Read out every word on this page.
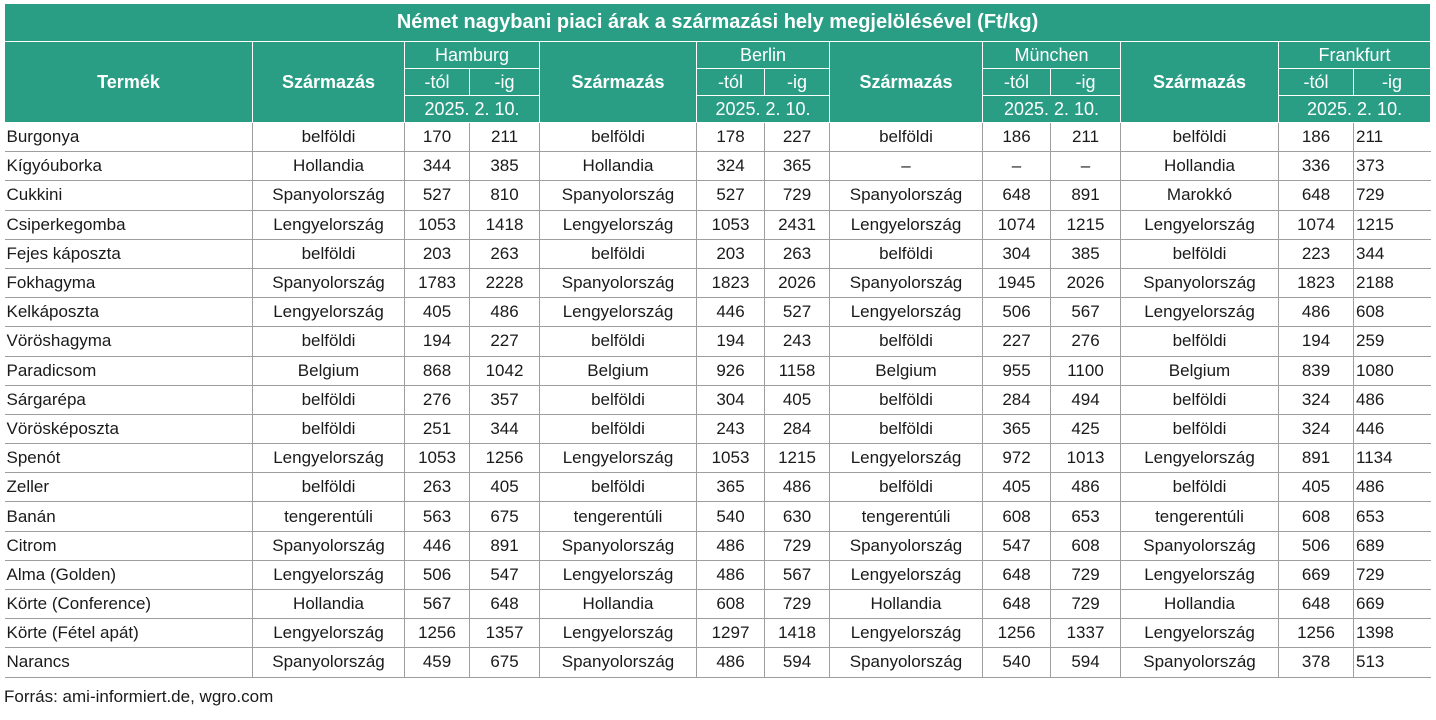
Német nagybani piaci árak a származási hely megjelölésével (Ft/kg)												
Termék	Származás	Hamburg		Származás	Berlin		Származás	München		Származás	Frankfurt	
		-tól	-ig		-tól	-ig		-tól	-ig		-tól	-ig
		2025. 2. 10.			2025. 2. 10.			2025. 2. 10.			2025. 2. 10.	
Burgonya	belföldi	170	211	belföldi	178	227	belföldi	186	211	belföldi	186	211
Kígyóuborka	Hollandia	344	385	Hollandia	324	365	–	–	–	Hollandia	336	373
Cukkini	Spanyolország	527	810	Spanyolország	527	729	Spanyolország	648	891	Marokkó	648	729
Csiperkegomba	Lengyelország	1053	1418	Lengyelország	1053	2431	Lengyelország	1074	1215	Lengyelország	1074	1215
Fejes káposzta	belföldi	203	263	belföldi	203	263	belföldi	304	385	belföldi	223	344
Fokhagyma	Spanyolország	1783	2228	Spanyolország	1823	2026	Spanyolország	1945	2026	Spanyolország	1823	2188
Kelkáposzta	Lengyelország	405	486	Lengyelország	446	527	Lengyelország	506	567	Lengyelország	486	608
Vöröshagyma	belföldi	194	227	belföldi	194	243	belföldi	227	276	belföldi	194	259
Paradicsom	Belgium	868	1042	Belgium	926	1158	Belgium	955	1100	Belgium	839	1080
Sárgarépa	belföldi	276	357	belföldi	304	405	belföldi	284	494	belföldi	324	486
Vörösképoszta	belföldi	251	344	belföldi	243	284	belföldi	365	425	belföldi	324	446
Spenót	Lengyelország	1053	1256	Lengyelország	1053	1215	Lengyelország	972	1013	Lengyelország	891	1134
Zeller	belföldi	263	405	belföldi	365	486	belföldi	405	486	belföldi	405	486
Banán	tengerentúli	563	675	tengerentúli	540	630	tengerentúli	608	653	tengerentúli	608	653
Citrom	Spanyolország	446	891	Spanyolország	486	729	Spanyolország	547	608	Spanyolország	506	689
Alma (Golden)	Lengyelország	506	547	Lengyelország	486	567	Lengyelország	648	729	Lengyelország	669	729
Körte (Conference)	Hollandia	567	648	Hollandia	608	729	Hollandia	648	729	Hollandia	648	669
Körte (Fétel apát)	Lengyelország	1256	1357	Lengyelország	1297	1418	Lengyelország	1256	1337	Lengyelország	1256	1398
Narancs	Spanyolország	459	675	Spanyolország	486	594	Spanyolország	540	594	Spanyolország	378	513
Forrás: ami-informiert.de, wgro.com
